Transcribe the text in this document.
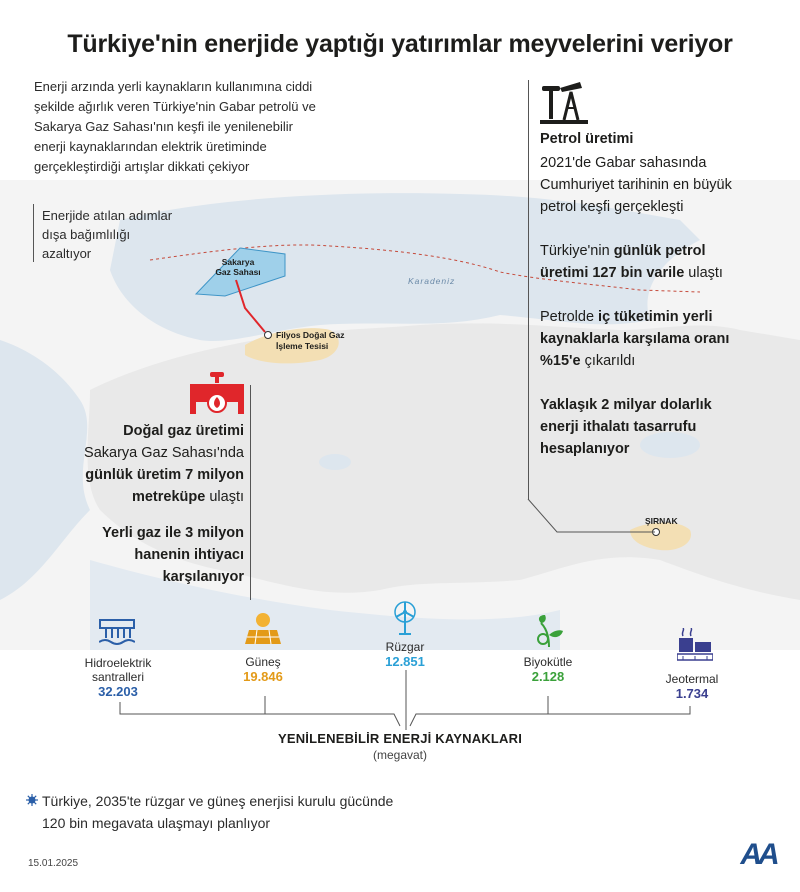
Türkiye'nin enerjide yaptığı yatırımlar meyvelerini veriyor
Enerji arzında yerli kaynakların kullanımına ciddi
şekilde ağırlık veren Türkiye'nin Gabar petrolü ve
Sakarya Gaz Sahası'nın keşfi ile yenilenebilir
enerji kaynaklarından elektrik üretiminde
gerçekleştirdiği artışlar dikkati çekiyor
Sakarya
Gaz Sahası
Filyos Doğal Gaz
İşleme Tesisi
Karadeniz
ŞIRNAK
Enerjide atılan adımlar
dışa bağımlılığı
azaltıyor
Doğal gaz üretimi

Sakarya Gaz Sahası'nda

günlük üretim 7 milyon

metreküpe ulaştı

Yerli gaz ile 3 milyon

hanenin ihtiyacı

karşılanıyor

Petrol üretimi

2021'de Gabar sahasında
Cumhuriyet tarihinin en büyük
petrol keşfi gerçekleşti

Türkiye'nin günlük petrol
üretimi 127 bin varile ulaştı

Petrolde iç tüketimin yerli
kaynaklarla karşılama oranı
%15'e çıkarıldı

Yaklaşık 2 milyar dolarlık
enerji ithalatı tasarrufu
hesaplanıyor

Hidroelektrik
santralleri
32.203
Güneş
19.846
Rüzgar
12.851	Biyokütle
2.128	Jeotermal
1.734
YENİLENEBİLİR ENERJİ KAYNAKLARI
(megavat)
Türkiye, 2035'te rüzgar ve güneş enerjisi kurulu gücünde
120 bin megavata ulaşmayı planlıyor
15.01.2025	AA
